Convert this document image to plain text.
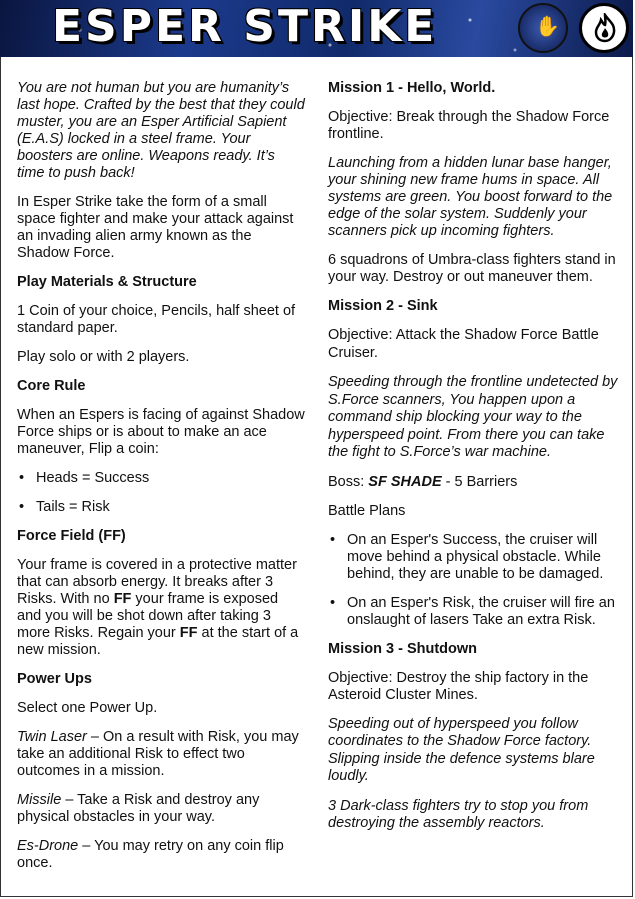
ESPER STRIKE	✋
You are not human but you are humanity’s last hope. Crafted by the best that they could muster, you are an Esper Artificial Sapient (E.A.S) locked in a steel frame. Your boosters are online. Weapons ready. It’s time to push back!
In Esper Strike take the form of a small space fighter and make your attack against an invading alien army known as the Shadow Force.
Play Materials & Structure
1 Coin of your choice, Pencils, half sheet of standard paper.
Play solo or with 2 players.
Core Rule
When an Espers is facing of against Shadow Force ships or is about to make an ace maneuver, Flip a coin:
• Heads = Success
• Tails = Risk
Force Field (FF)
Your frame is covered in a protective matter that can absorb energy. It breaks after 3 Risks. With no FF your frame is exposed and you will be shot down after taking 3 more Risks. Regain your FF at the start of a new mission.
Power Ups
Select one Power Up.
Twin Laser – On a result with Risk, you may take an additional Risk to effect two outcomes in a mission.
Missile – Take a Risk and destroy any physical obstacles in your way.
Es-Drone – You may retry on any coin flip once.
Mission 1 - Hello, World.
Objective: Break through the Shadow Force frontline.
Launching from a hidden lunar base hanger, your shining new frame hums in space. All systems are green. You boost forward to the edge of the solar system. Suddenly your scanners pick up incoming fighters.
6 squadrons of Umbra-class fighters stand in your way. Destroy or out maneuver them.
Mission 2 - Sink
Objective: Attack the Shadow Force Battle Cruiser.
Speeding through the frontline undetected by S.Force scanners, You happen upon a command ship blocking your way to the hyperspeed point. From there you can take the fight to S.Force’s war machine.
Boss: SF SHADE - 5 Barriers
Battle Plans
• On an Esper's Success, the cruiser will move behind a physical obstacle. While behind, they are unable to be damaged.
• On an Esper's Risk, the cruiser will fire an onslaught of lasers Take an extra Risk.
Mission 3 - Shutdown
Objective: Destroy the ship factory in the Asteroid Cluster Mines.
Speeding out of hyperspeed you follow coordinates to the Shadow Force factory. Slipping inside the defence systems blare loudly.
3 Dark-class fighters try to stop you from destroying the assembly reactors.
